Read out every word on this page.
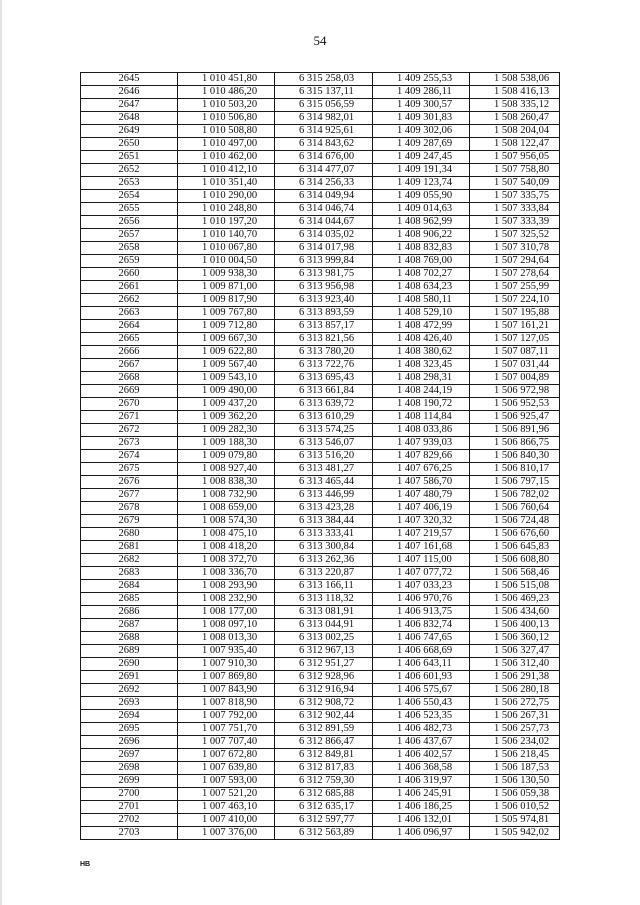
54
2645	1 010 451,80	6 315 258,03	1 409 255,53	1 508 538,06
2646	1 010 486,20	6 315 137,11	1 409 286,11	1 508 416,13
2647	1 010 503,20	6 315 056,59	1 409 300,57	1 508 335,12
2648	1 010 506,80	6 314 982,01	1 409 301,83	1 508 260,47
2649	1 010 508,80	6 314 925,61	1 409 302,06	1 508 204,04
2650	1 010 497,00	6 314 843,62	1 409 287,69	1 508 122,47
2651	1 010 462,00	6 314 676,00	1 409 247,45	1 507 956,05
2652	1 010 412,10	6 314 477,07	1 409 191,34	1 507 758,80
2653	1 010 351,40	6 314 256,33	1 409 123,74	1 507 540,09
2654	1 010 290,00	6 314 049,94	1 409 055,90	1 507 335,75
2655	1 010 248,80	6 314 046,74	1 409 014,63	1 507 333,84
2656	1 010 197,20	6 314 044,67	1 408 962,99	1 507 333,39
2657	1 010 140,70	6 314 035,02	1 408 906,22	1 507 325,52
2658	1 010 067,80	6 314 017,98	1 408 832,83	1 507 310,78
2659	1 010 004,50	6 313 999,84	1 408 769,00	1 507 294,64
2660	1 009 938,30	6 313 981,75	1 408 702,27	1 507 278,64
2661	1 009 871,00	6 313 956,98	1 408 634,23	1 507 255,99
2662	1 009 817,90	6 313 923,40	1 408 580,11	1 507 224,10
2663	1 009 767,80	6 313 893,59	1 408 529,10	1 507 195,88
2664	1 009 712,80	6 313 857,17	1 408 472,99	1 507 161,21
2665	1 009 667,30	6 313 821,56	1 408 426,40	1 507 127,05
2666	1 009 622,80	6 313 780,20	1 408 380,62	1 507 087,11
2667	1 009 567,40	6 313 722,76	1 408 323,45	1 507 031,44
2668	1 009 543,10	6 313 695,43	1 408 298,31	1 507 004,89
2669	1 009 490,00	6 313 661,84	1 408 244,19	1 506 972,98
2670	1 009 437,20	6 313 639,72	1 408 190,72	1 506 952,53
2671	1 009 362,20	6 313 610,29	1 408 114,84	1 506 925,47
2672	1 009 282,30	6 313 574,25	1 408 033,86	1 506 891,96
2673	1 009 188,30	6 313 546,07	1 407 939,03	1 506 866,75
2674	1 009 079,80	6 313 516,20	1 407 829,66	1 506 840,30
2675	1 008 927,40	6 313 481,27	1 407 676,25	1 506 810,17
2676	1 008 838,30	6 313 465,44	1 407 586,70	1 506 797,15
2677	1 008 732,90	6 313 446,99	1 407 480,79	1 506 782,02
2678	1 008 659,00	6 313 423,28	1 407 406,19	1 506 760,64
2679	1 008 574,30	6 313 384,44	1 407 320,32	1 506 724,48
2680	1 008 475,10	6 313 333,41	1 407 219,57	1 506 676,60
2681	1 008 418,20	6 313 300,84	1 407 161,68	1 506 645,83
2682	1 008 372,70	6 313 262,36	1 407 115,00	1 506 608,80
2683	1 008 336,70	6 313 220,87	1 407 077,72	1 506 568,46
2684	1 008 293,90	6 313 166,11	1 407 033,23	1 506 515,08
2685	1 008 232,90	6 313 118,32	1 406 970,76	1 506 469,23
2686	1 008 177,00	6 313 081,91	1 406 913,75	1 506 434,60
2687	1 008 097,10	6 313 044,91	1 406 832,74	1 506 400,13
2688	1 008 013,30	6 313 002,25	1 406 747,65	1 506 360,12
2689	1 007 935,40	6 312 967,13	1 406 668,69	1 506 327,47
2690	1 007 910,30	6 312 951,27	1 406 643,11	1 506 312,40
2691	1 007 869,80	6 312 928,96	1 406 601,93	1 506 291,38
2692	1 007 843,90	6 312 916,94	1 406 575,67	1 506 280,18
2693	1 007 818,90	6 312 908,72	1 406 550,43	1 506 272,75
2694	1 007 792,00	6 312 902,44	1 406 523,35	1 506 267,31
2695	1 007 751,70	6 312 891,59	1 406 482,73	1 506 257,73
2696	1 007 707,40	6 312 866,47	1 406 437,67	1 506 234,02
2697	1 007 672,80	6 312 849,81	1 406 402,57	1 506 218,45
2698	1 007 639,80	6 312 817,83	1 406 368,58	1 506 187,53
2699	1 007 593,00	6 312 759,30	1 406 319,97	1 506 130,50
2700	1 007 521,20	6 312 685,88	1 406 245,91	1 506 059,38
2701	1 007 463,10	6 312 635,17	1 406 186,25	1 506 010,52
2702	1 007 410,00	6 312 597,77	1 406 132,01	1 505 974,81
2703	1 007 376,00	6 312 563,89	1 406 096,97	1 505 942,02
НВ
